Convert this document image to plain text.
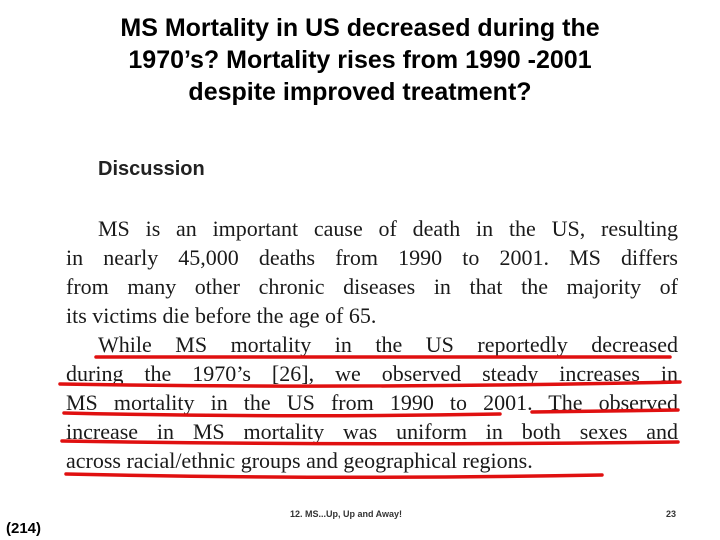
MS Mortality in US decreased during the
1970’s? Mortality rises from 1990 -2001
despite improved treatment?
Discussion
MS is an important cause of death in the US, resulting
in nearly 45,000 deaths from 1990 to 2001. MS differs
from many other chronic diseases in that the majority of
its victims die before the age of 65.
While MS mortality in the US reportedly decreased
during the 1970’s [26], we observed steady increases in
MS mortality in the US from 1990 to 2001. The observed
increase in MS mortality was uniform in both sexes and
across racial/ethnic groups and geographical regions.
(214)
12. MS...Up, Up and Away!	23
